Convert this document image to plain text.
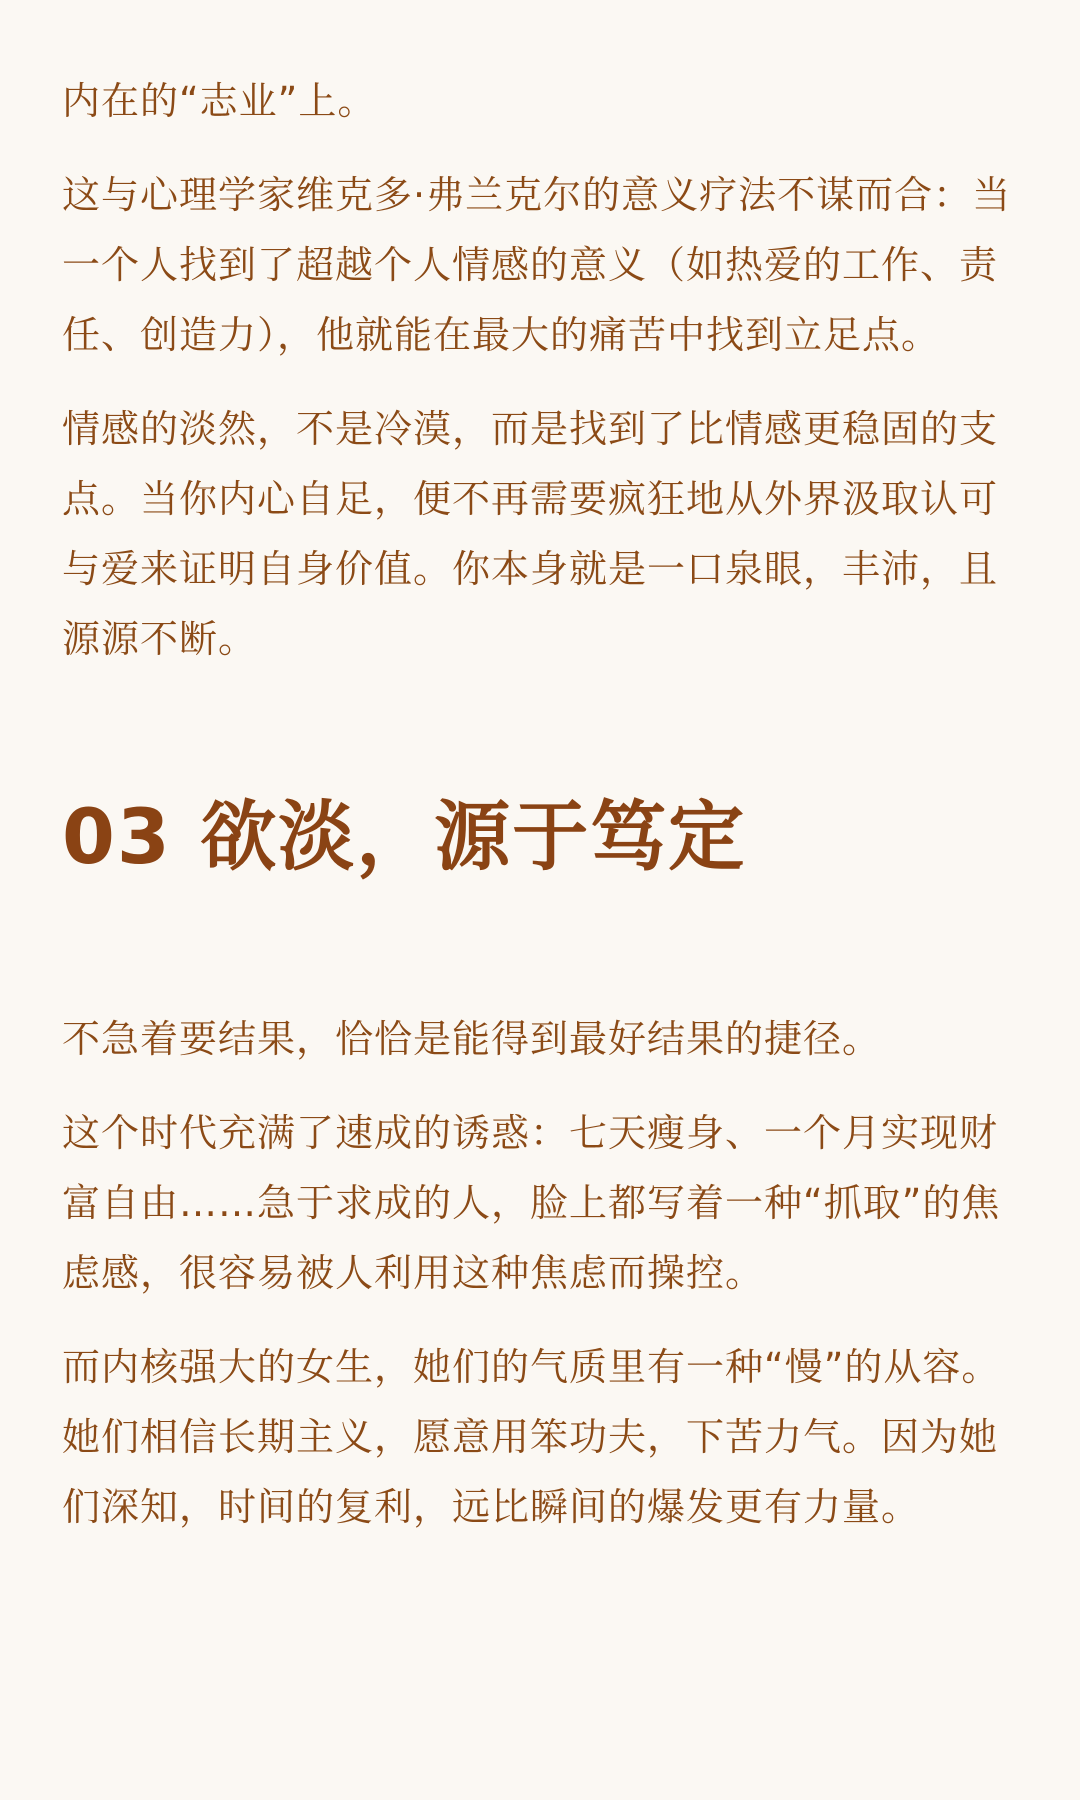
内在的“志业”上。

这与心理学家维克多·弗兰克尔的意义疗法不谋而合：当一个人找到了超越个人情感的意义（如热爱的工作、责任、创造力），他就能在最大的痛苦中找到立足点。

情感的淡然，不是冷漠，而是找到了比情感更稳固的支点。当你内心自足，便不再需要疯狂地从外界汲取认可与爱来证明自身价值。你本身就是一口泉眼，丰沛，且源源不断。

03 欲淡，源于笃定

不急着要结果，恰恰是能得到最好结果的捷径。

这个时代充满了速成的诱惑：七天瘦身、一个月实现财富自由……急于求成的人，脸上都写着一种“抓取”的焦虑感，很容易被人利用这种焦虑而操控。

而内核强大的女生，她们的气质里有一种“慢”的从容。她们相信长期主义，愿意用笨功夫，下苦力气。因为她们深知，时间的复利，远比瞬间的爆发更有力量。
